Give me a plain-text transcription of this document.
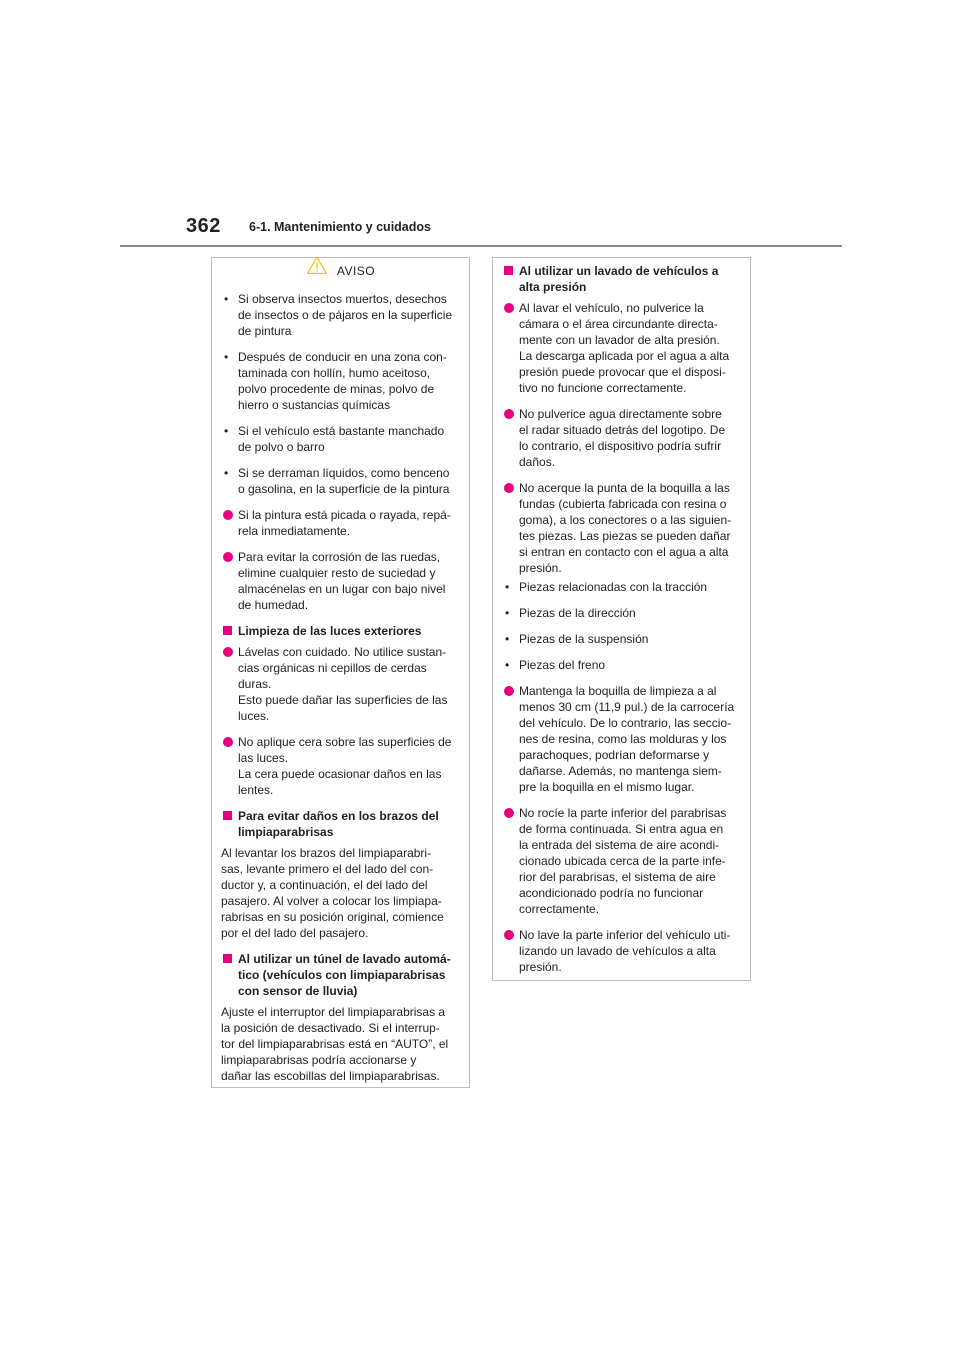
362 6-1. Mantenimiento y cuidados
AVISO
• Si observa insectos muertos, desechos
de insectos o de pájaros en la superficie
de pintura
• Después de conducir en una zona con-
taminada con hollín, humo aceitoso,
polvo procedente de minas, polvo de
hierro o sustancias químicas
• Si el vehículo está bastante manchado
de polvo o barro
• Si se derraman líquidos, como benceno
o gasolina, en la superficie de la pintura
Si la pintura está picada o rayada, repá-
rela inmediatamente.
Para evitar la corrosión de las ruedas,
elimine cualquier resto de suciedad y
almacénelas en un lugar con bajo nivel
de humedad.
Limpieza de las luces exteriores
Lávelas con cuidado. No utilice sustan-
cias orgánicas ni cepillos de cerdas
duras.
Esto puede dañar las superficies de las
luces.
No aplique cera sobre las superficies de
las luces.
La cera puede ocasionar daños en las
lentes.
Para evitar daños en los brazos del
limpiaparabrisas
Al levantar los brazos del limpiaparabri-
sas, levante primero el del lado del con-
ductor y, a continuación, el del lado del
pasajero. Al volver a colocar los limpiapa-
rabrisas en su posición original, comience
por el del lado del pasajero.
Al utilizar un túnel de lavado automá-
tico (vehículos con limpiaparabrisas
con sensor de lluvia)
Ajuste el interruptor del limpiaparabrisas a
la posición de desactivado. Si el interrup-
tor del limpiaparabrisas está en “AUTO”, el
limpiaparabrisas podría accionarse y
dañar las escobillas del limpiaparabrisas.
Al utilizar un lavado de vehículos a
alta presión
Al lavar el vehículo, no pulverice la
cámara o el área circundante directa-
mente con un lavador de alta presión.
La descarga aplicada por el agua a alta
presión puede provocar que el disposi-
tivo no funcione correctamente.
No pulverice agua directamente sobre
el radar situado detrás del logotipo. De
lo contrario, el dispositivo podría sufrir
daños.
No acerque la punta de la boquilla a las
fundas (cubierta fabricada con resina o
goma), a los conectores o a las siguien-
tes piezas. Las piezas se pueden dañar
si entran en contacto con el agua a alta
presión.
• Piezas relacionadas con la tracción
• Piezas de la dirección
• Piezas de la suspensión
• Piezas del freno
Mantenga la boquilla de limpieza a al
menos 30 cm (11,9 pul.) de la carrocería
del vehículo. De lo contrario, las seccio-
nes de resina, como las molduras y los
parachoques, podrían deformarse y
dañarse. Además, no mantenga siem-
pre la boquilla en el mismo lugar.
No rocíe la parte inferior del parabrisas
de forma continuada. Si entra agua en
la entrada del sistema de aire acondi-
cionado ubicada cerca de la parte infe-
rior del parabrisas, el sistema de aire
acondicionado podría no funcionar
correctamente.
No lave la parte inferior del vehículo uti-
lizando un lavado de vehículos a alta
presión.
